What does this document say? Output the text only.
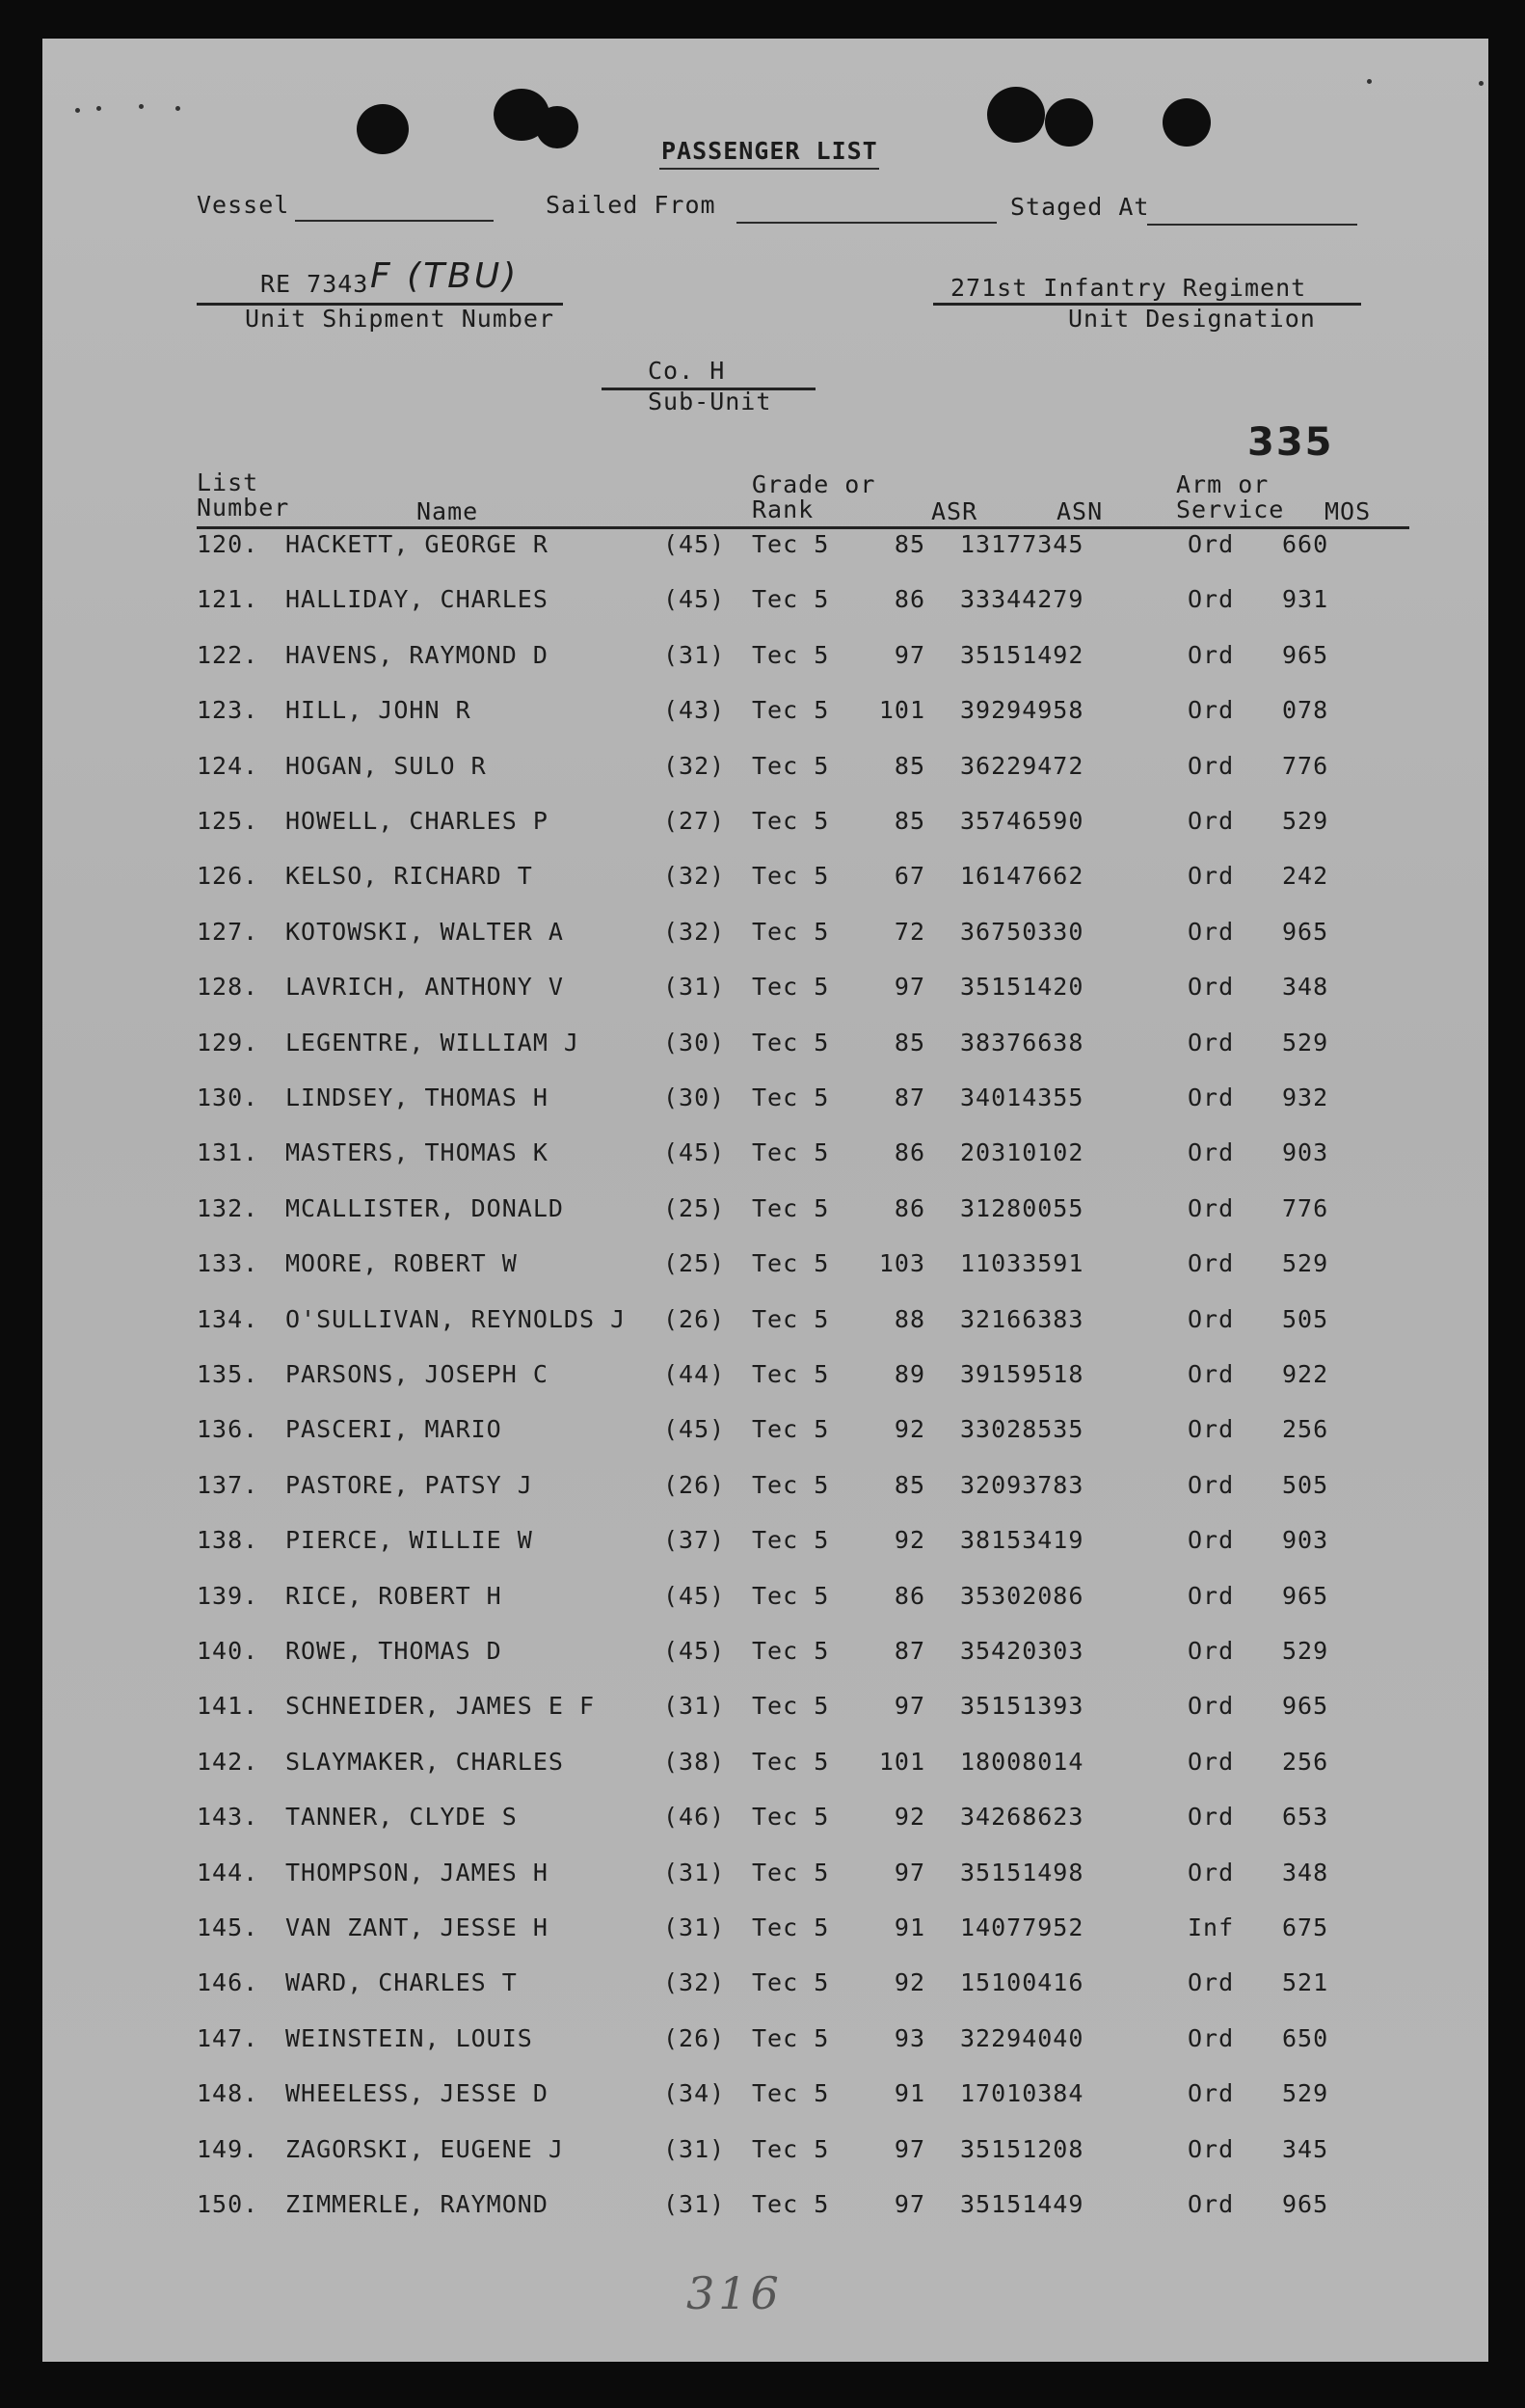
PASSENGER LIST
Vessel	Sailed From	Staged At
RE 7343 F (TBU)
Unit Shipment Number
271st Infantry Regiment
Unit Designation
Co. H
Sub-Unit
335
List
Number	Name
Grade or
Rank	ASR	ASN
Arm or
Service MOS
120. HACKETT, GEORGE R	(45) Tec 5	85 13177345	Ord 660
121. HALLIDAY, CHARLES	(45) Tec 5	86 33344279	Ord 931
122. HAVENS, RAYMOND D	(31) Tec 5	97 35151492	Ord 965
123. HILL, JOHN R	(43) Tec 5	101 39294958	Ord 078
124. HOGAN, SULO R	(32) Tec 5	85 36229472	Ord 776
125. HOWELL, CHARLES P	(27) Tec 5	85 35746590	Ord 529
126. KELSO, RICHARD T	(32) Tec 5	67 16147662	Ord 242
127. KOTOWSKI, WALTER A	(32) Tec 5	72 36750330	Ord 965
128. LAVRICH, ANTHONY V	(31) Tec 5	97 35151420	Ord 348
129. LEGENTRE, WILLIAM J	(30) Tec 5	85 38376638	Ord 529
130. LINDSEY, THOMAS H	(30) Tec 5	87 34014355	Ord 932
131. MASTERS, THOMAS K	(45) Tec 5	86 20310102	Ord 903
132. MCALLISTER, DONALD	(25) Tec 5	86 31280055	Ord 776
133. MOORE, ROBERT W	(25) Tec 5	103 11033591	Ord 529
134. O'SULLIVAN, REYNOLDS J (26) Tec 5	88 32166383	Ord 505
135. PARSONS, JOSEPH C	(44) Tec 5	89 39159518	Ord 922
136. PASCERI, MARIO	(45) Tec 5	92 33028535	Ord 256
137. PASTORE, PATSY J	(26) Tec 5	85 32093783	Ord 505
138. PIERCE, WILLIE W	(37) Tec 5	92 38153419	Ord 903
139. RICE, ROBERT H	(45) Tec 5	86 35302086	Ord 965
140. ROWE, THOMAS D	(45) Tec 5	87 35420303	Ord 529
141. SCHNEIDER, JAMES E F	(31) Tec 5	97 35151393	Ord 965
142. SLAYMAKER, CHARLES	(38) Tec 5	101 18008014	Ord 256
143. TANNER, CLYDE S	(46) Tec 5	92 34268623	Ord 653
144. THOMPSON, JAMES H	(31) Tec 5	97 35151498	Ord 348
145. VAN ZANT, JESSE H	(31) Tec 5	91 14077952	Inf 675
146. WARD, CHARLES T	(32) Tec 5	92 15100416	Ord 521
147. WEINSTEIN, LOUIS	(26) Tec 5	93 32294040	Ord 650
148. WHEELESS, JESSE D	(34) Tec 5	91 17010384	Ord 529
149. ZAGORSKI, EUGENE J	(31) Tec 5	97 35151208	Ord 345
150. ZIMMERLE, RAYMOND	(31) Tec 5	97 35151449	Ord 965
316
